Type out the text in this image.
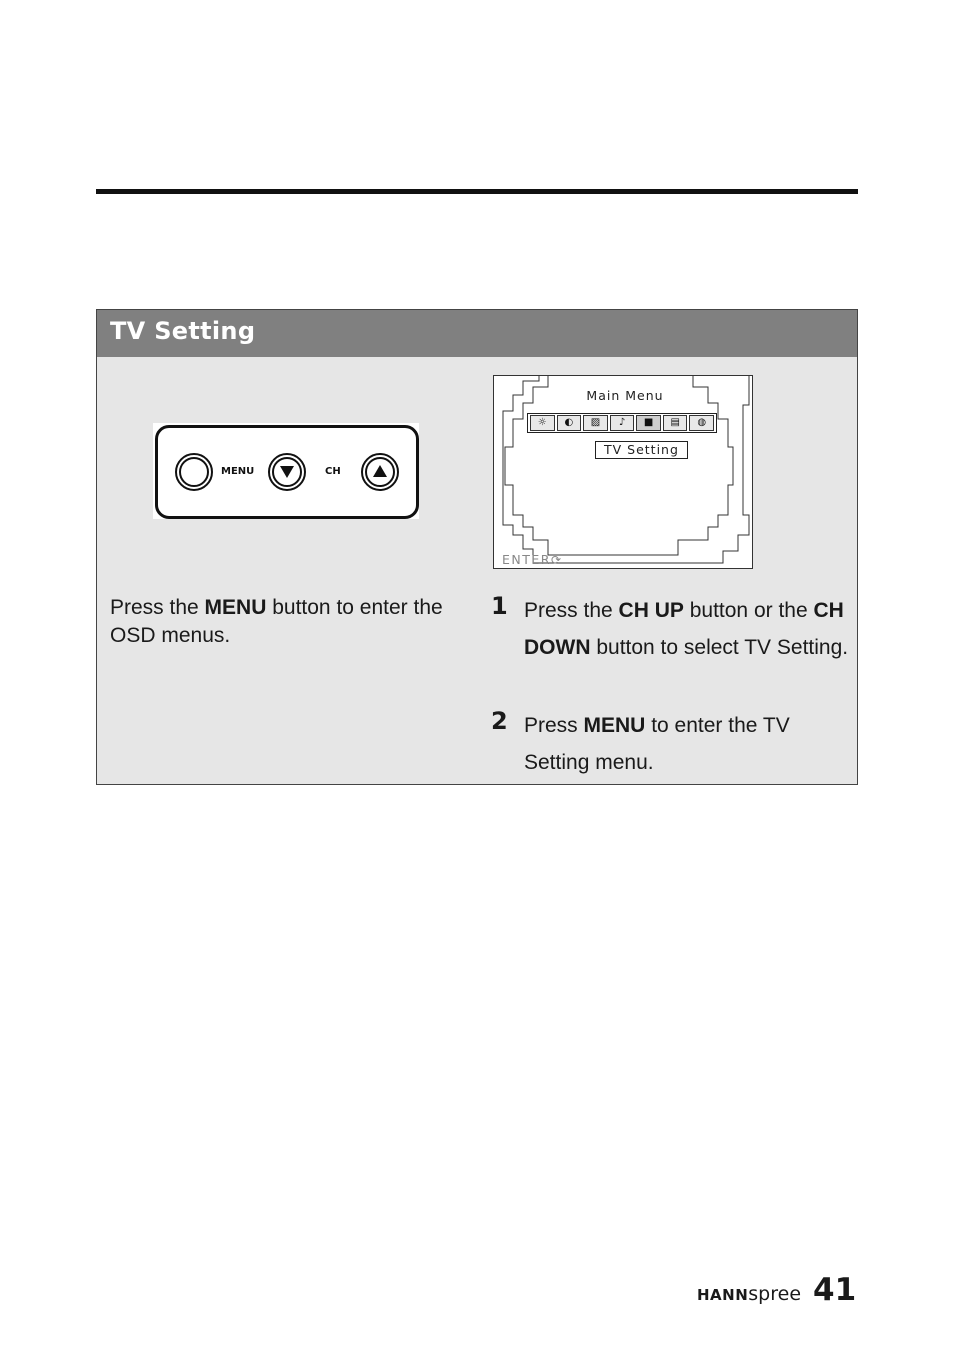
TV Setting
MENU	CH
Main Menu
☼	◐	▨	♪	■	▤	◍
TV Setting
ENTER⟳
Press the MENU button to enter the OSD menus.
1 Press the CH UP button or the CH DOWN button to select TV Setting.
2 Press MENU to enter the TV Setting menu.
HANNspree 41
